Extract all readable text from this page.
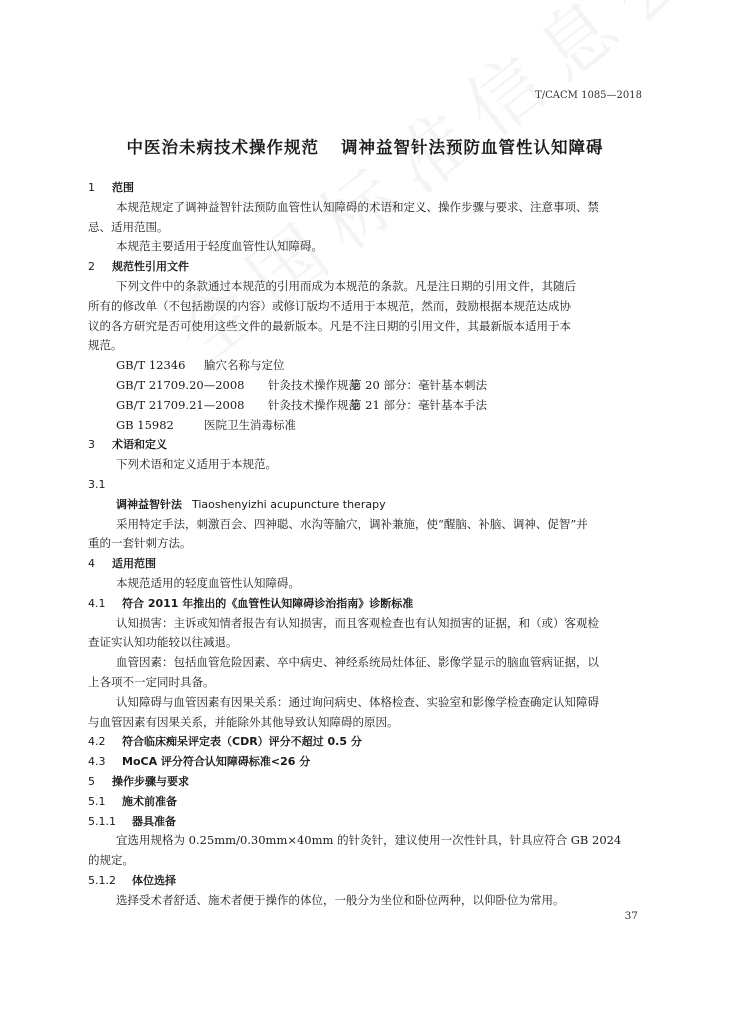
T/CACM 1085—2018
中医治未病技术操作规范 调神益智针法预防血管性认知障碍
1 范围
本规范规定了调神益智针法预防血管性认知障碍的术语和定义、操作步骤与要求、注意事项、禁
忌、适用范围。
本规范主要适用于轻度血管性认知障碍。
2 规范性引用文件
下列文件中的条款通过本规范的引用而成为本规范的条款。凡是注日期的引用文件，其随后
所有的修改单（不包括勘误的内容）或修订版均不适用于本规范，然而，鼓励根据本规范达成协
议的各方研究是否可使用这些文件的最新版本。凡是不注日期的引用文件，其最新版本适用于本
规范。
GB/T 12346 腧穴名称与定位
GB/T 21709.20—2008 针灸技术操作规范第 20 部分：毫针基本刺法
GB/T 21709.21—2008 针灸技术操作规范第 21 部分：毫针基本手法
GB 15982	医院卫生消毒标准
3 术语和定义
下列术语和定义适用于本规范。
3.1
调神益智针法 Tiaoshenyizhi acupuncture therapy
采用特定手法，刺激百会、四神聪、水沟等腧穴，调补兼施，使“醒脑、补脑、调神、促智”并
重的一套针刺方法。
4 适用范围
本规范适用的轻度血管性认知障碍。
4.1 符合 2011 年推出的《血管性认知障碍诊治指南》诊断标准
认知损害：主诉或知情者报告有认知损害，而且客观检查也有认知损害的证据，和（或）客观检
查证实认知功能较以往减退。
血管因素：包括血管危险因素、卒中病史、神经系统局灶体征、影像学显示的脑血管病证据，以
上各项不一定同时具备。
认知障碍与血管因素有因果关系：通过询问病史、体格检查、实验室和影像学检查确定认知障碍
与血管因素有因果关系，并能除外其他导致认知障碍的原因。
4.2 符合临床痴呆评定表（CDR）评分不超过 0.5 分
4.3 MoCA 评分符合认知障碍标准<26 分
5 操作步骤与要求
5.1 施术前准备
5.1.1 器具准备
宜选用规格为 0.25mm/0.30mm×40mm 的针灸针，建议使用一次性针具，针具应符合 GB 2024
的规定。
5.1.2 体位选择
选择受术者舒适、施术者便于操作的体位，一般分为坐位和卧位两种，以仰卧位为常用。
37
